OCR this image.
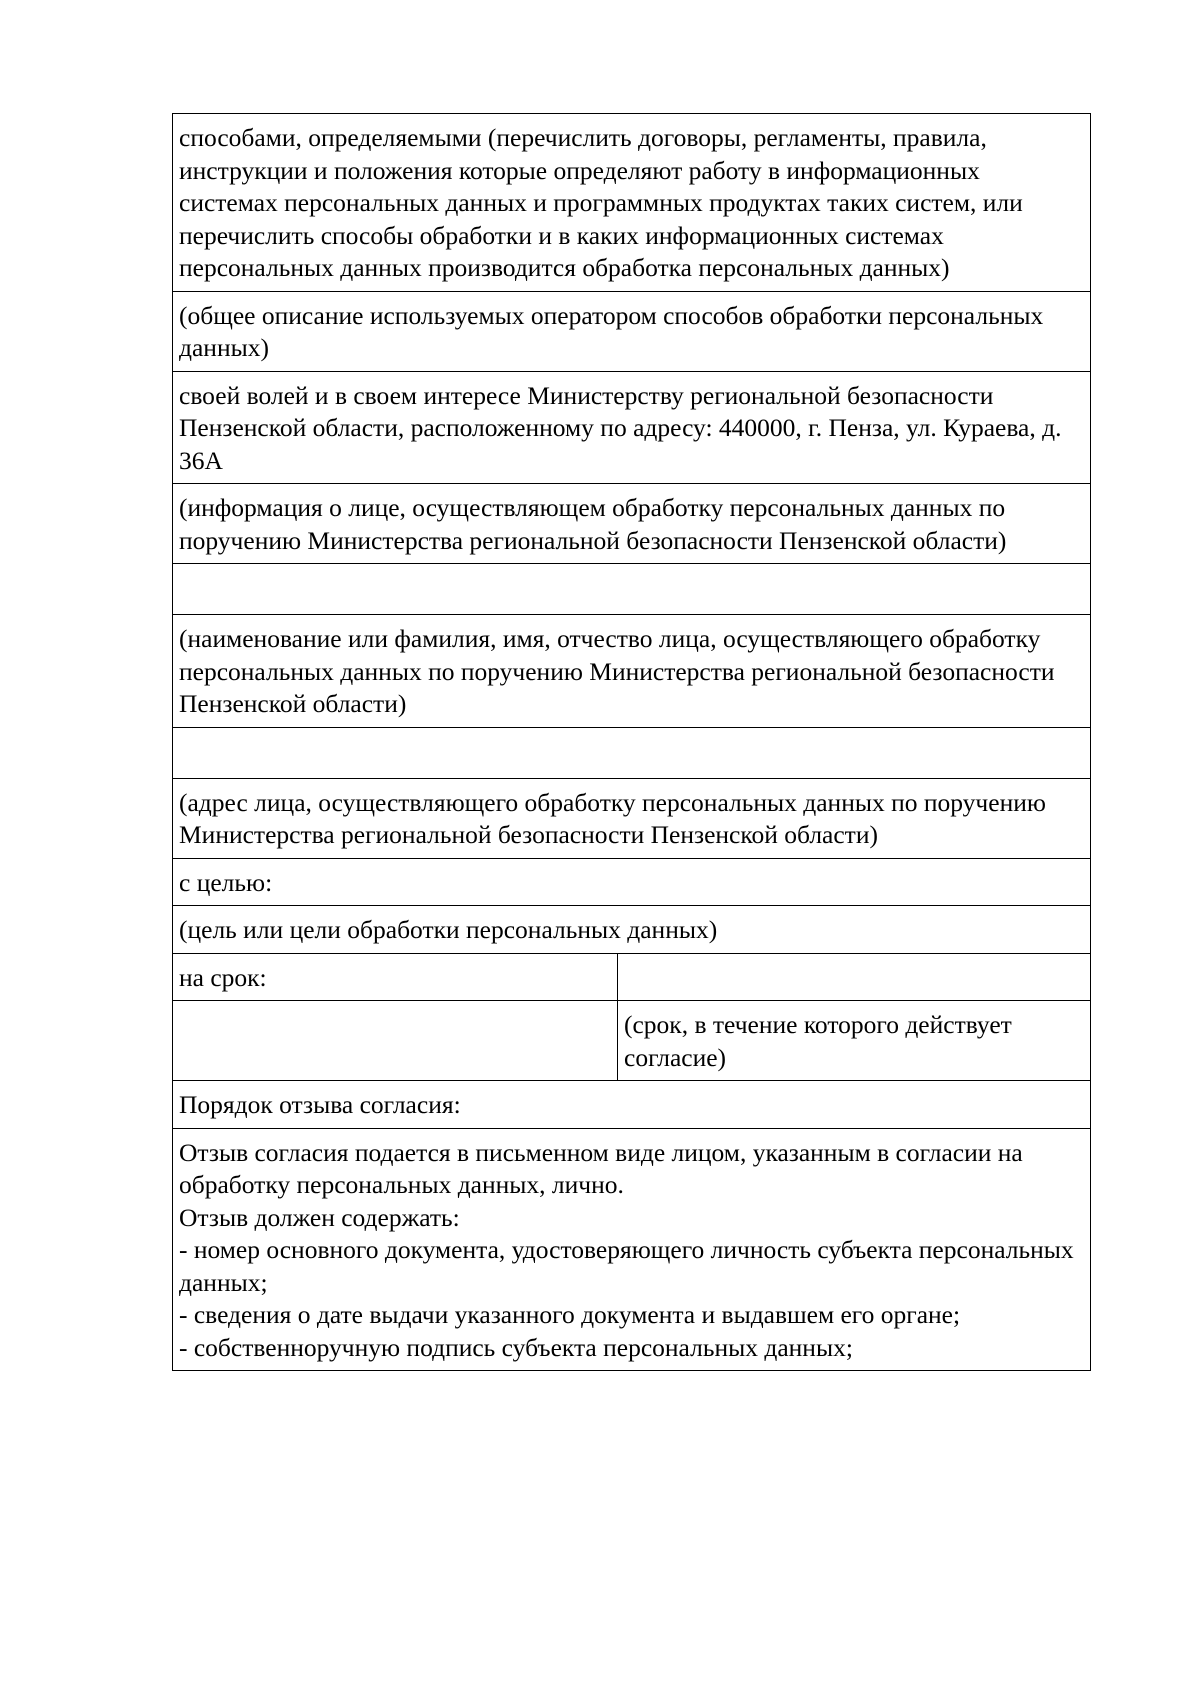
способами, определяемыми (перечислить договоры, регламенты, правила, инструкции и положения которые определяют работу в информационных системах персональных данных и программных продуктах таких систем, или перечислить способы обработки и в каких информационных системах персональных данных производится обработка персональных данных)	
(общее описание используемых оператором способов обработки персональных данных)	
своей волей и в своем интересе Министерству региональной безопасности Пензенской области, расположенному по адресу: 440000, г. Пенза, ул. Кураева, д. 36А	
(информация о лице, осуществляющем обработку персональных данных по поручению Министерства региональной безопасности Пензенской области)	

(наименование или фамилия, имя, отчество лица, осуществляющего обработку персональных данных по поручению Министерства региональной безопасности Пензенской области)	

(адрес лица, осуществляющего обработку персональных данных по поручению Министерства региональной безопасности Пензенской области)	
с целью:	
(цель или цели обработки персональных данных)	
на срок:	
	(срок, в течение которого действует согласие)
Порядок отзыва согласия:	

Отзыв согласия подается в письменном виде лицом, указанным в согласии на обработку персональных данных, лично.
Отзыв должен содержать:
- номер основного документа, удостоверяющего личность субъекта персональных данных;
- сведения о дате выдачи указанного документа и выдавшем его органе;
- собственноручную подпись субъекта персональных данных;	
